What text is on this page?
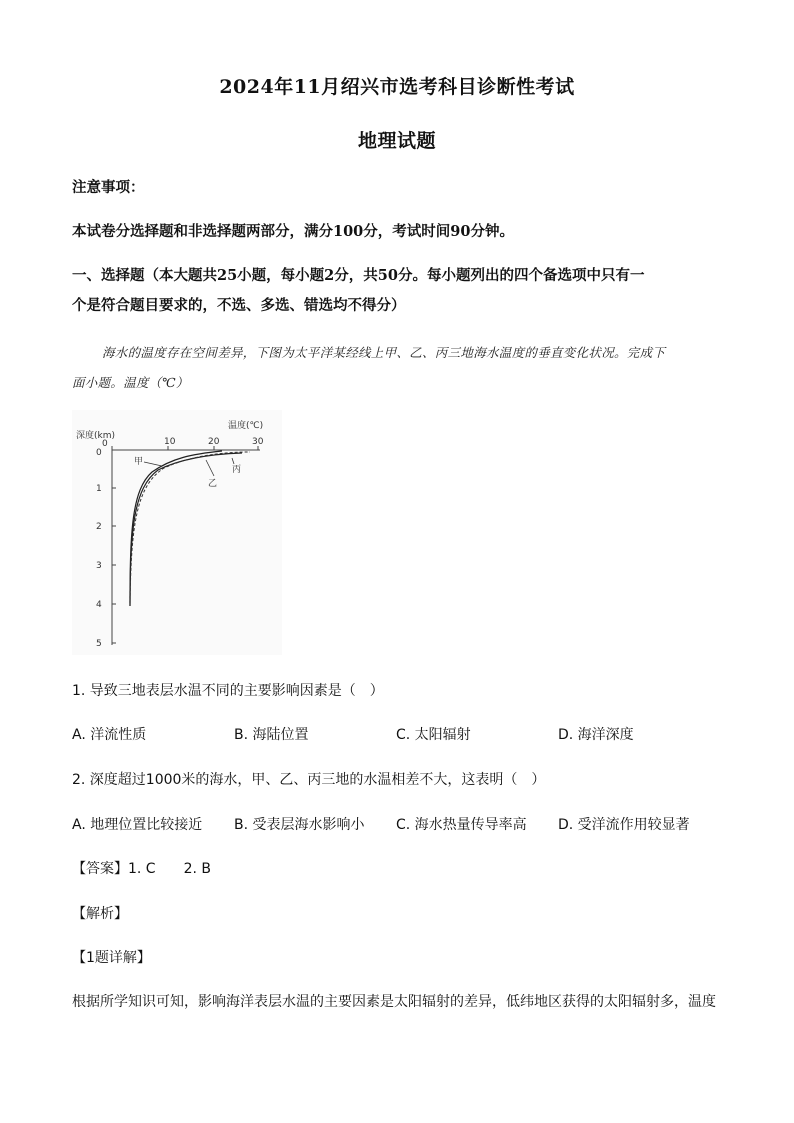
2024年11月绍兴市选考科目诊断性考试
地理试题
注意事项：
本试卷分选择题和非选择题两部分，满分100分，考试时间90分钟。
一、选择题（本大题共25小题，每小题2分，共50分。每小题列出的四个备选项中只有一
个是符合题目要求的，不选、多选、错选均不得分）
海水的温度存在空间差异，下图为太平洋某经线上甲、乙、丙三地海水温度的垂直变化状况。完成下
面小题。温度（℃）
0	10	20	30
温度(℃)
深度(km)
0
1
2
3
4
5
甲
乙
丙
1. 导致三地表层水温不同的主要影响因素是（　）
A. 洋流性质	B. 海陆位置	C. 太阳辐射	D. 海洋深度
2. 深度超过1000米的海水，甲、乙、丙三地的水温相差不大，这表明（　）
A. 地理位置比较接近 B. 受表层海水影响小 C. 海水热量传导率高 D. 受洋流作用较显著
【答案】1. C　　2. B
【解析】
【1题详解】
根据所学知识可知，影响海洋表层水温的主要因素是太阳辐射的差异，低纬地区获得的太阳辐射多，温度
